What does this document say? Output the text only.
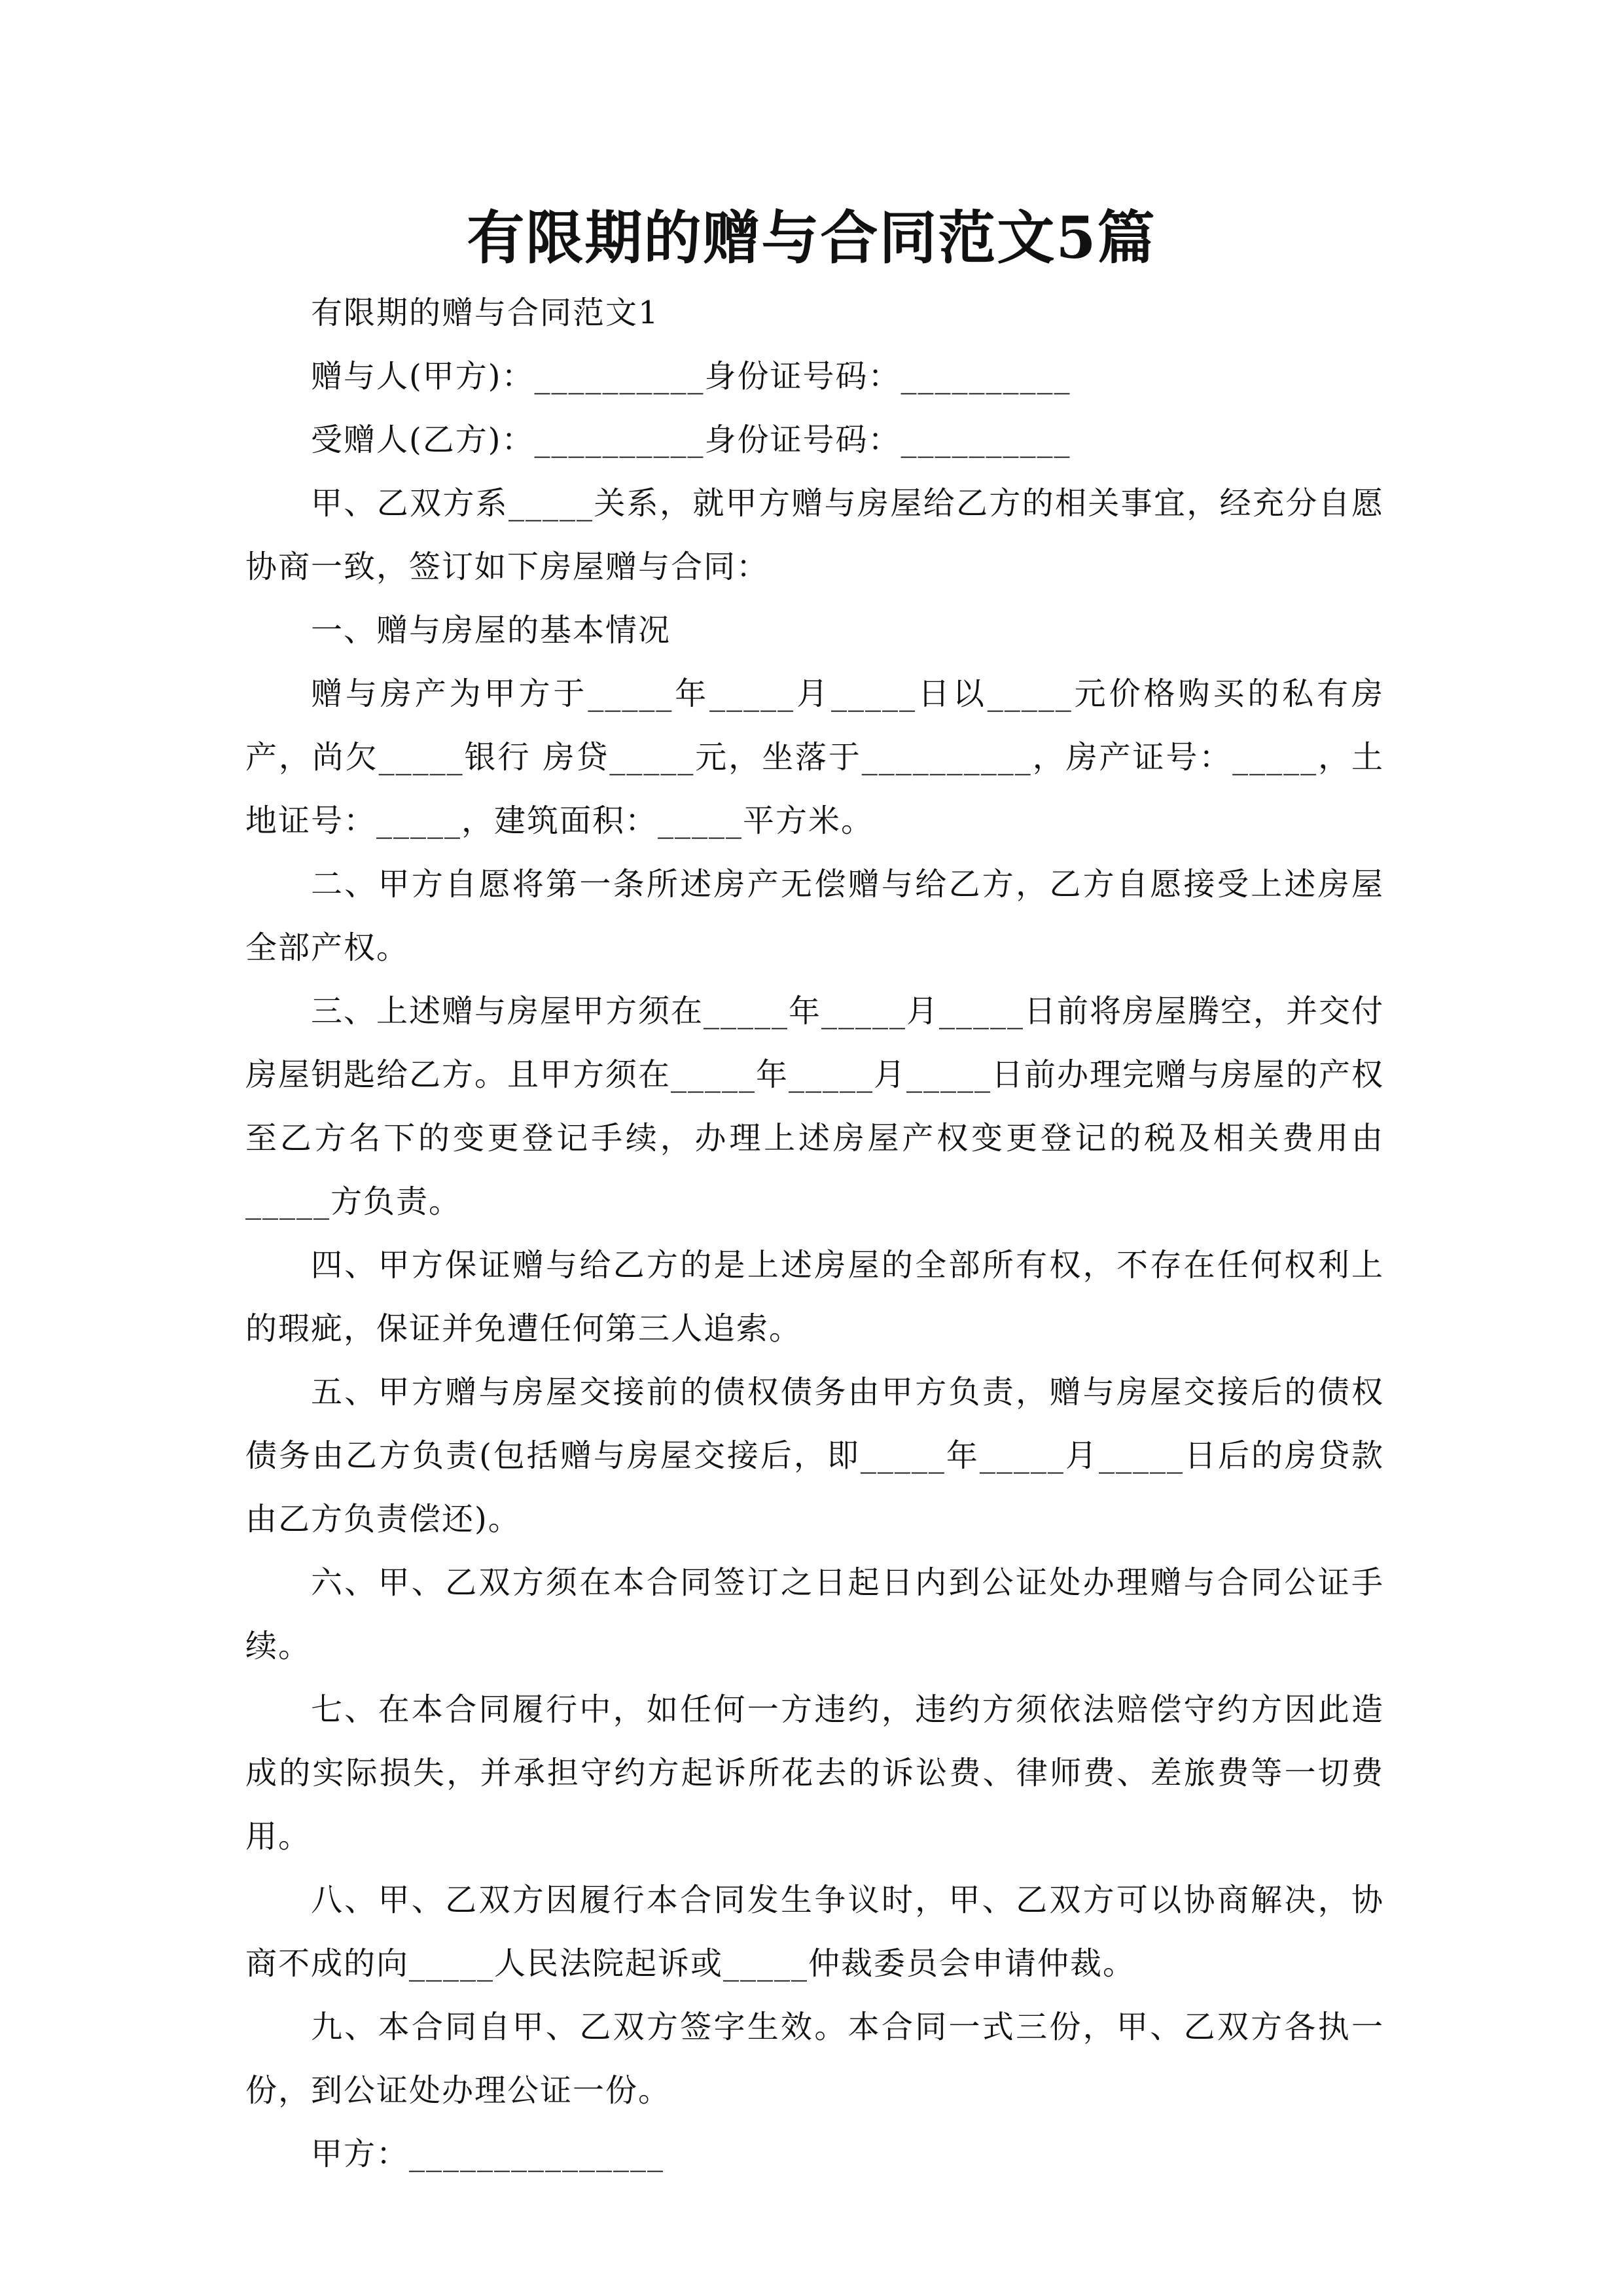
有限期的赠与合同范文5篇

有限期的赠与合同范文1

赠与人(甲方)：__________身份证号码：__________

受赠人(乙方)：__________身份证号码：__________

甲、乙双方系_____关系，就甲方赠与房屋给乙方的相关事宜，经充分自愿协商一致，签订如下房屋赠与合同：

一、赠与房屋的基本情况

赠与房产为甲方于_____年_____月_____日以_____元价格购买的私有房产，尚欠_____银行 房贷_____元，坐落于__________，房产证号：_____，土地证号：_____，建筑面积：_____平方米。

二、甲方自愿将第一条所述房产无偿赠与给乙方，乙方自愿接受上述房屋全部产权。

三、上述赠与房屋甲方须在_____年_____月_____日前将房屋腾空，并交付房屋钥匙给乙方。且甲方须在_____年_____月_____日前办理完赠与房屋的产权至乙方名下的变更登记手续，办理上述房屋产权变更登记的税及相关费用由_____方负责。

四、甲方保证赠与给乙方的是上述房屋的全部所有权，不存在任何权利上的瑕疵，保证并免遭任何第三人追索。

五、甲方赠与房屋交接前的债权债务由甲方负责，赠与房屋交接后的债权债务由乙方负责(包括赠与房屋交接后，即_____年_____月_____日后的房贷款由乙方负责偿还)。

六、甲、乙双方须在本合同签订之日起日内到公证处办理赠与合同公证手续。

七、在本合同履行中，如任何一方违约，违约方须依法赔偿守约方因此造成的实际损失，并承担守约方起诉所花去的诉讼费、律师费、差旅费等一切费用。

八、甲、乙双方因履行本合同发生争议时，甲、乙双方可以协商解决，协商不成的向_____人民法院起诉或_____仲裁委员会申请仲裁。

九、本合同自甲、乙双方签字生效。本合同一式三份，甲、乙双方各执一份，到公证处办理公证一份。

甲方：_______________
